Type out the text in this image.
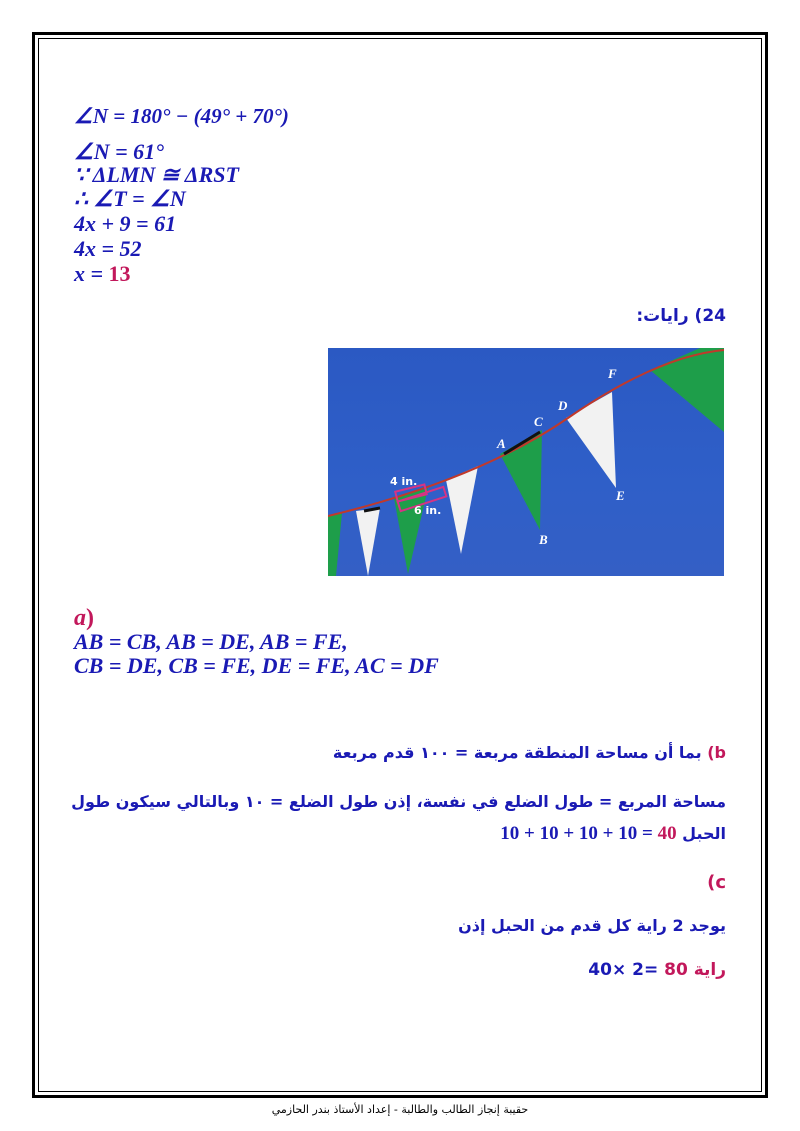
∠N = 180° − (49° + 70°)
∠N = 61°
∵ ΔLMN ≅ ΔRST
∴ ∠T = ∠N
4x + 9 = 61
4x = 52
x = 13
24) رايات:
4 in.
6 in.
A
B
C
D
E
F
a)
AB = CB, AB = DE, AB = FE,
CB = DE, CB = FE, DE = FE, AC = DF
b) بما أن مساحة المنطقة مربعة = ١٠٠ قدم مربعة
مساحة المربع = طول الضلع في نفسة، إذن طول الضلع = ١٠ وبالتالي سيكون طول
الحبل 10 + 10 + 10 + 10 = 40
c)
يوجد 2 راية كل قدم من الحبل إذن
40× 2= 80 راية
حقيبة إنجاز الطالب والطالبة - إعداد الأستاذ بندر الحازمي
